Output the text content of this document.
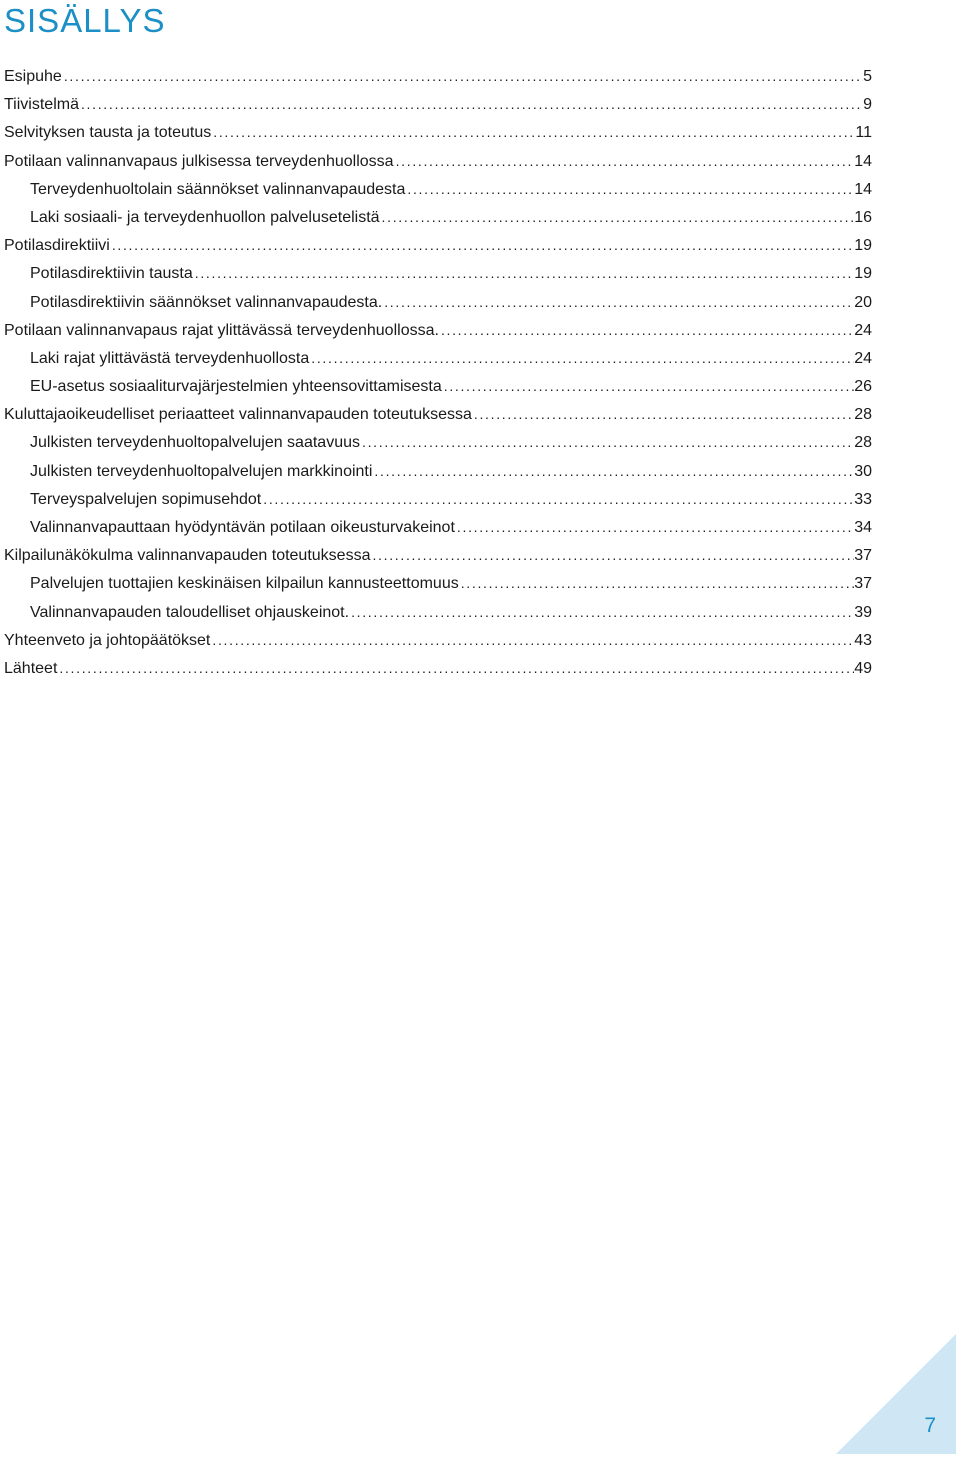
SISÄLLYS
Esipuhe . . .	5
Tiivistelmä . . .	9
Selvityksen tausta ja toteutus . . .	11
Potilaan valinnanvapaus julkisessa terveydenhuollossa . . .	14
Terveydenhuoltolain säännökset valinnanvapaudesta . . .	14
Laki sosiaali- ja terveydenhuollon palvelusetelistä . . .	16
Potilasdirektiivi . . .	19
Potilasdirektiivin tausta . . .	19
Potilasdirektiivin säännökset valinnanvapaudesta. . . .	20
Potilaan valinnanvapaus rajat ylittävässä terveydenhuollossa. . . .	24
Laki rajat ylittävästä terveydenhuollosta . . .	24
EU-asetus sosiaaliturvajärjestelmien yhteensovittamisesta . . .	26
Kuluttajaoikeudelliset periaatteet valinnanvapauden toteutuksessa . . .	28
Julkisten terveydenhuoltopalvelujen saatavuus . . .	28
Julkisten terveydenhuoltopalvelujen markkinointi . . .	30
Terveyspalvelujen sopimusehdot . . .	33
Valinnanvapauttaan hyödyntävän potilaan oikeusturvakeinot . . .	34
Kilpailunäkökulma valinnanvapauden toteutuksessa . . .	37
Palvelujen tuottajien keskinäisen kilpailun kannusteettomuus . . .	37
Valinnanvapauden taloudelliset ohjauskeinot. . . .	39
Yhteenveto ja johtopäätökset . . .	43
Lähteet . . .	49
7
